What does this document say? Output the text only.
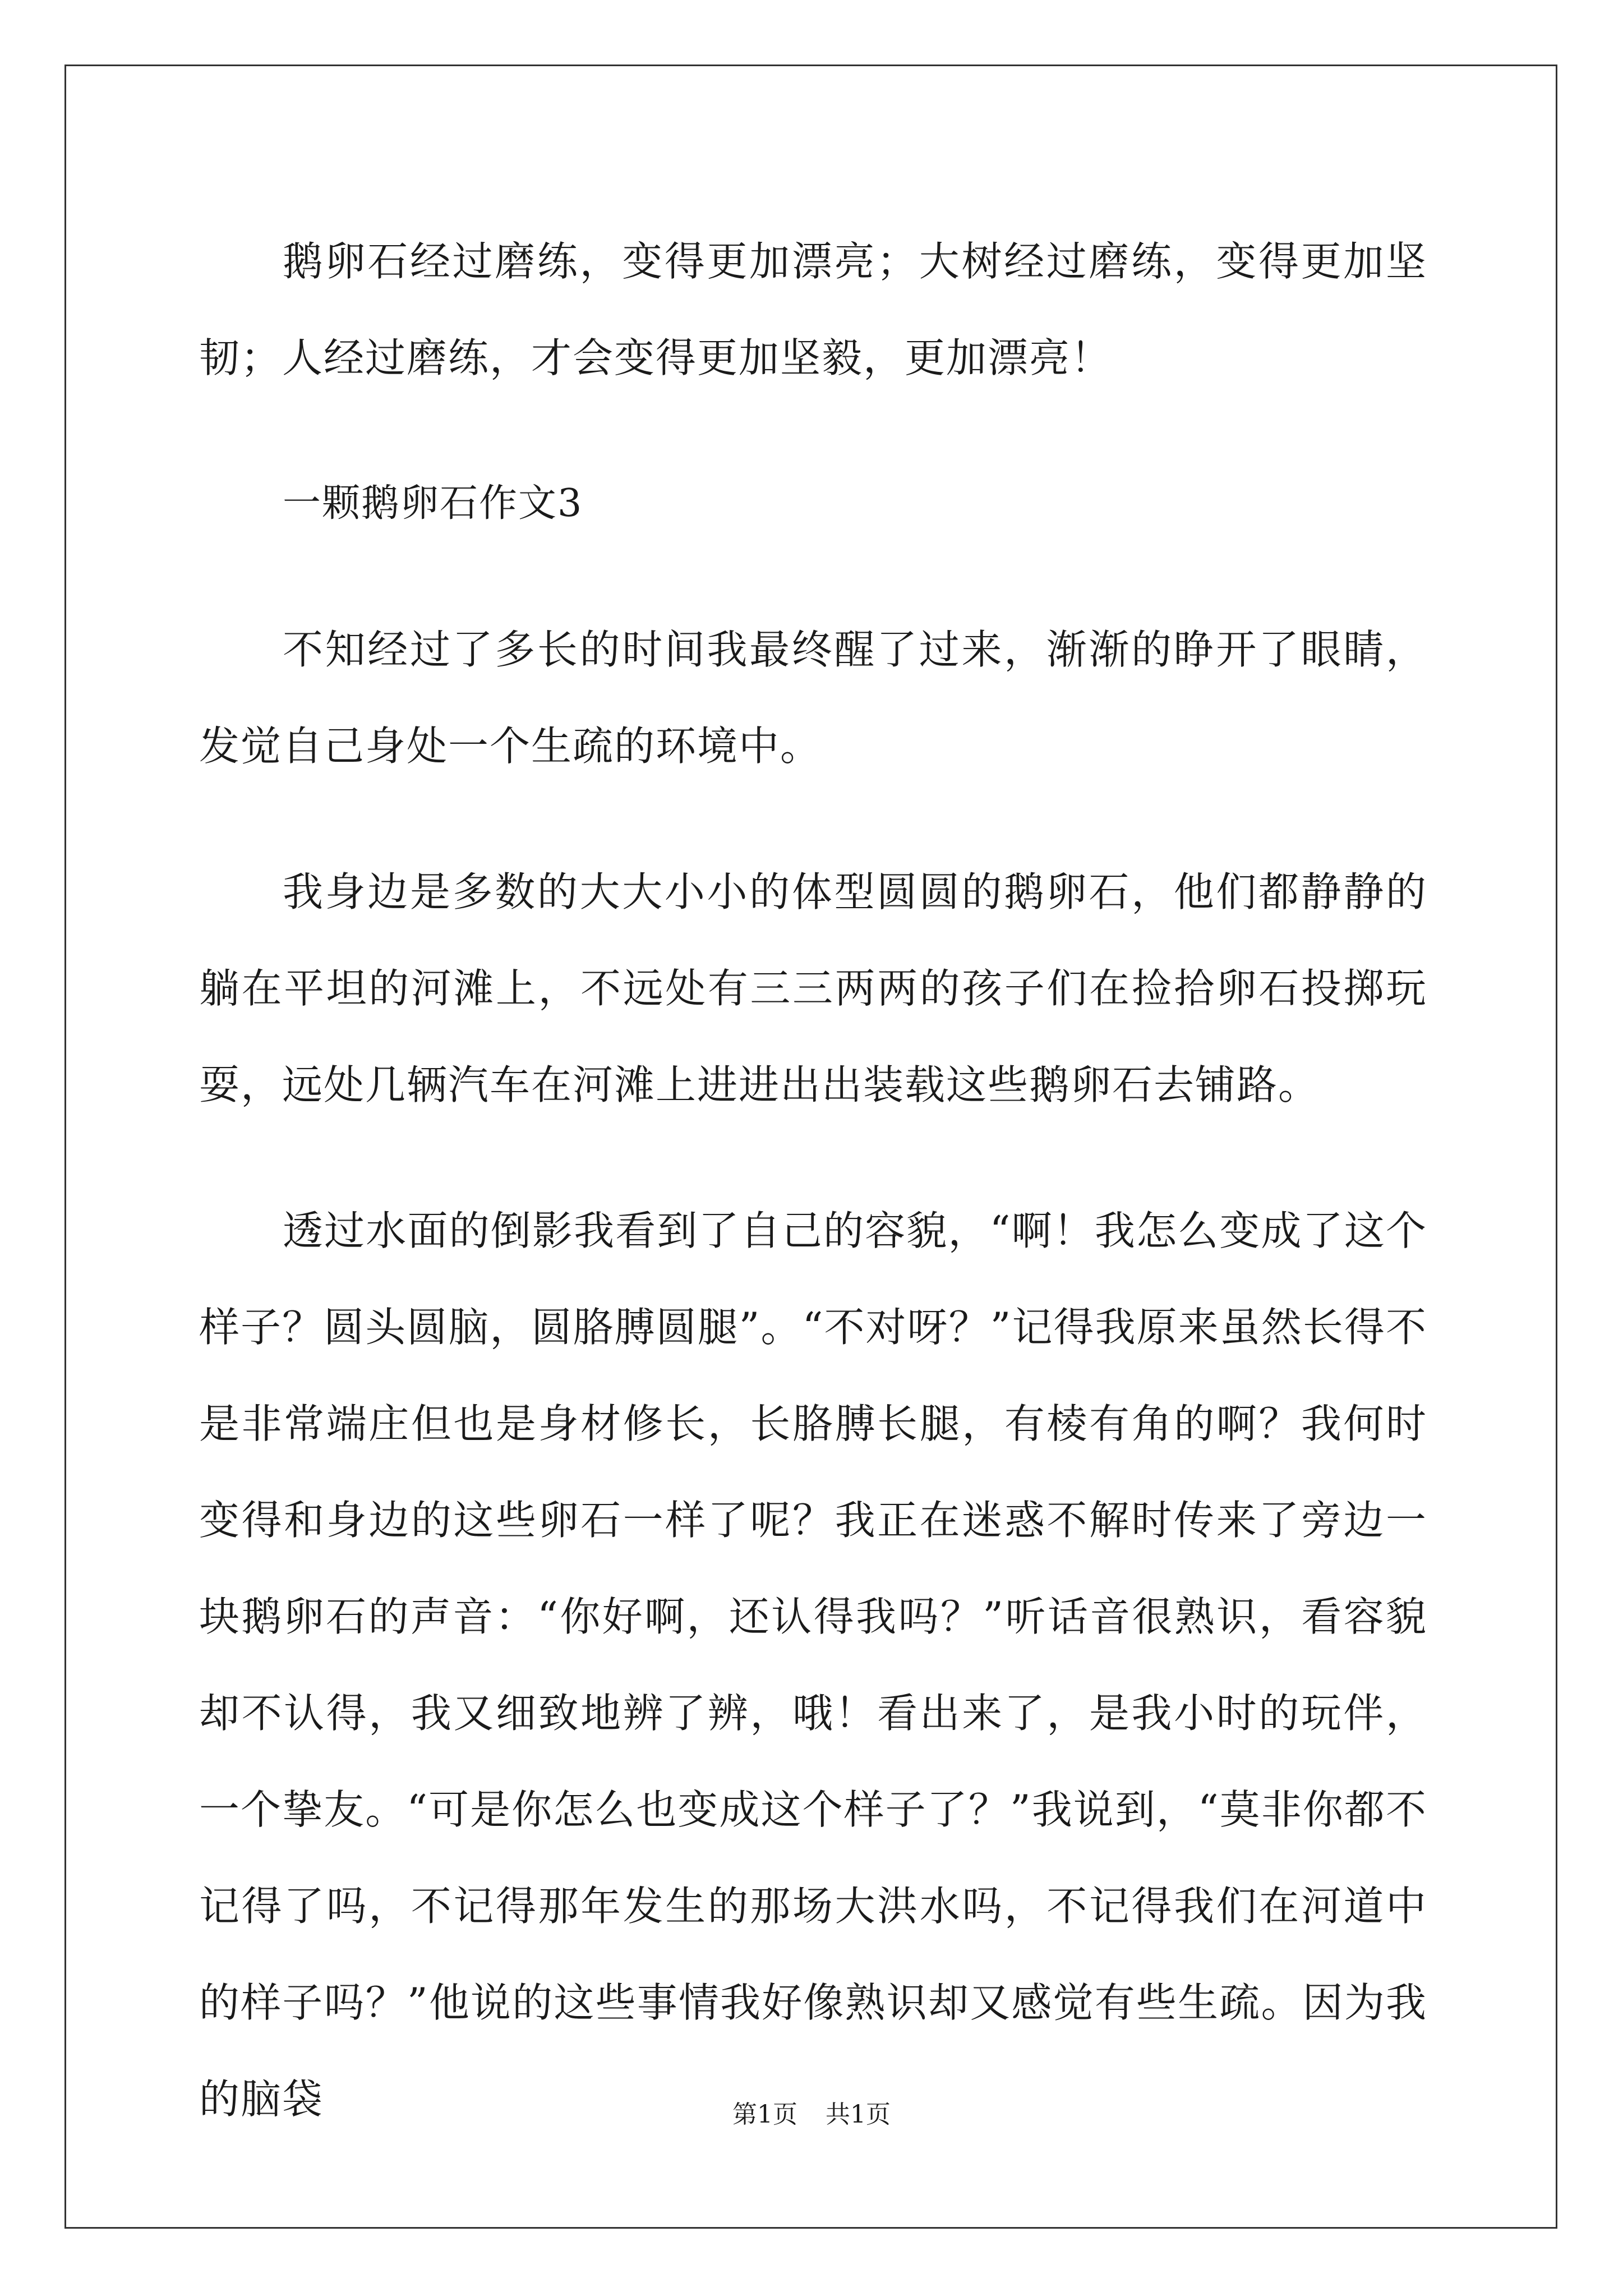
鹅卵石经过磨练，变得更加漂亮；大树经过磨练，变得更加坚韧；人经过磨练，才会变得更加坚毅，更加漂亮！

一颗鹅卵石作文3

不知经过了多长的时间我最终醒了过来，渐渐的睁开了眼睛，发觉自己身处一个生疏的环境中。

我身边是多数的大大小小的体型圆圆的鹅卵石，他们都静静的躺在平坦的河滩上，不远处有三三两两的孩子们在捡拾卵石投掷玩耍，远处几辆汽车在河滩上进进出出装载这些鹅卵石去铺路。

透过水面的倒影我看到了自己的容貌，“啊！我怎么变成了这个样子？圆头圆脑，圆胳膊圆腿”。“不对呀？”记得我原来虽然长得不是非常端庄但也是身材修长，长胳膊长腿，有棱有角的啊？我何时变得和身边的这些卵石一样了呢？我正在迷惑不解时传来了旁边一块鹅卵石的声音：“你好啊，还认得我吗？”听话音很熟识，看容貌却不认得，我又细致地辨了辨，哦！看出来了，是我小时的玩伴，一个挚友。“可是你怎么也变成这个样子了？”我说到，“莫非你都不记得了吗，不记得那年发生的那场大洪水吗，不记得我们在河道中的样子吗？”他说的这些事情我好像熟识却又感觉有些生疏。因为我的脑袋	第1页 共1页
